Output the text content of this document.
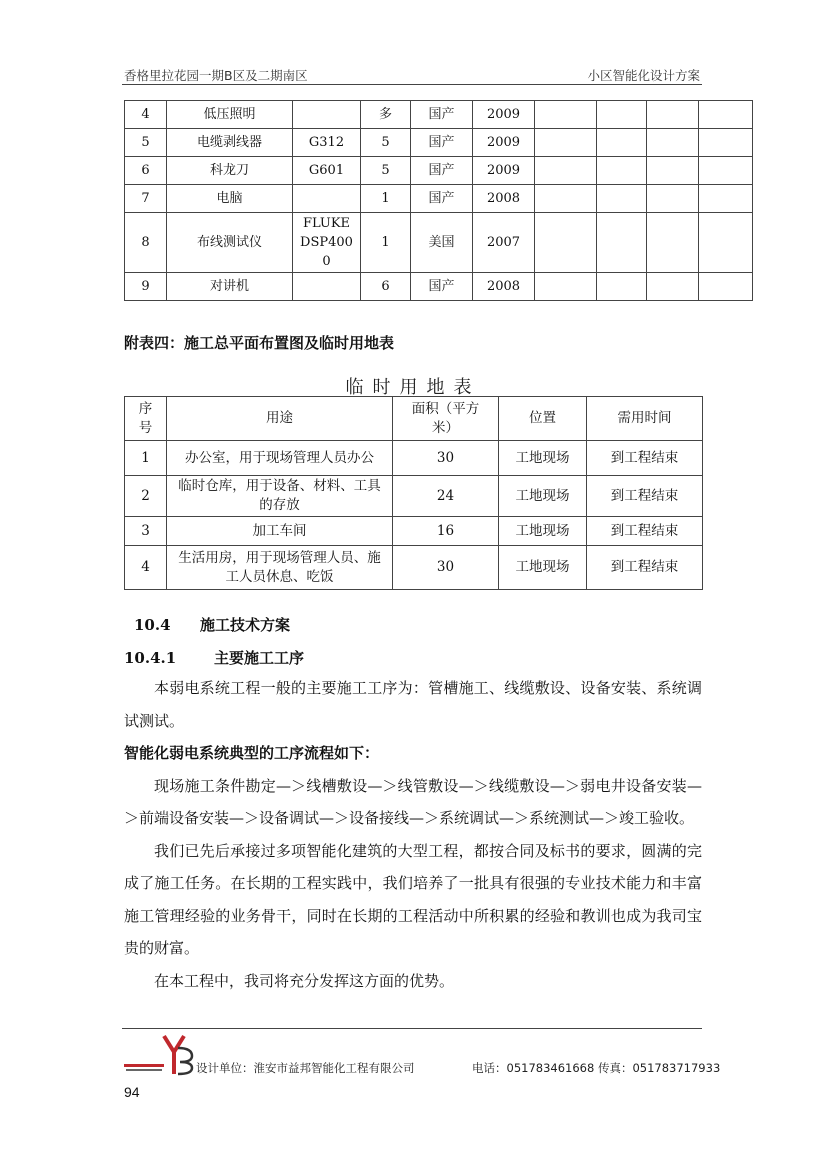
香格里拉花园一期B区及二期南区	小区智能化设计方案
4	低压照明		多	国产	2009				
5	电缆剥线器	G312	5	国产	2009				
6	科龙刀	G601	5	国产	2009				
7	电脑		1	国产	2008				
8	布线测试仪	FLUKE DSP4000	1	美国	2007				
9	对讲机		6	国产	2008				
附表四：施工总平面布置图及临时用地表
临时用地表
序号	用途	面积（平方米）	位置	需用时间
1	办公室，用于现场管理人员办公	30	工地现场	到工程结束
2	临时仓库，用于设备、材料、工具的存放	24	工地现场	到工程结束
3	加工车间	16	工地现场	到工程结束
4	生活用房，用于现场管理人员、施工人员休息、吃饭	30	工地现场	到工程结束
10.4 施工技术方案
10.4.1	主要施工工序

本弱电系统工程一般的主要施工工序为：管槽施工、线缆敷设、设备安装、系统调试测试。

智能化弱电系统典型的工序流程如下：

现场施工条件勘定—＞线槽敷设—＞线管敷设—＞线缆敷设—＞弱电井设备安装—＞前端设备安装—＞设备调试—＞设备接线—＞系统调试—＞系统测试—＞竣工验收。

我们已先后承接过多项智能化建筑的大型工程，都按合同及标书的要求，圆满的完成了施工任务。在长期的工程实践中，我们培养了一批具有很强的专业技术能力和丰富施工管理经验的业务骨干，同时在长期的工程活动中所积累的经验和教训也成为我司宝贵的财富。

在本工程中，我司将充分发挥这方面的优势。

设计单位：淮安市益邦智能化工程有限公司	电话：051783461668 传真：051783717933
94
